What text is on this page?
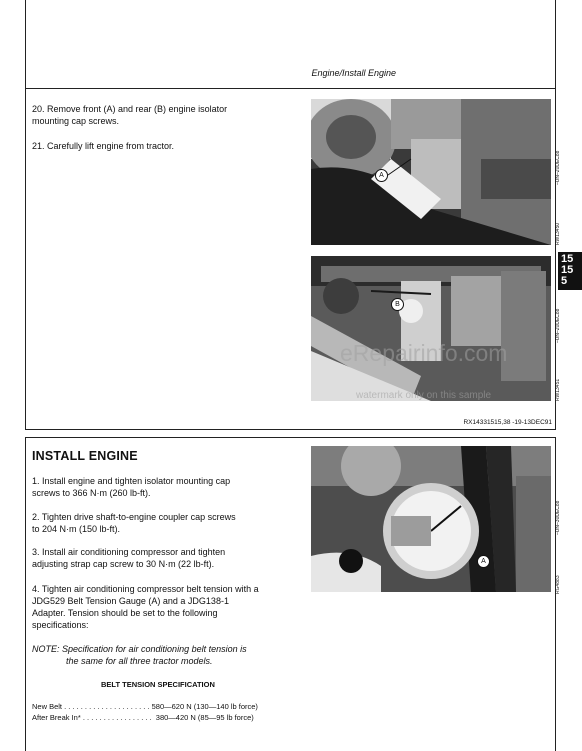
Engine/Install Engine
20. Remove front (A) and rear (B) engine isolator
mounting cap screws.
21. Carefully lift engine from tractor.
A
RW13450
–UN–20DEC88
B
RW13451
–UN–20DEC88
RX14331515,38 -19-13DEC91
15
15
5
eRepairinfo.com
watermark only on this sample
INSTALL ENGINE
1. Install engine and tighten isolator mounting cap
screws to 366 N·m (260 lb-ft).
2. Tighten drive shaft-to-engine coupler cap screws
to 204 N·m (150 lb-ft).
3. Install air conditioning compressor and tighten
adjusting strap cap screw to 30 N·m (22 lb-ft).
4. Tighten air conditioning compressor belt tension with a
JDG529 Belt Tension Gauge (A) and a JDG138-1
Adapter. Tension should be set to the following
specifications:
NOTE: Specification for air conditioning belt tension is
the same for all three tractor models.
BELT TENSION SPECIFICATION
New Belt . . . . . . . . . . . . . . . . . . . . . 580—620 N (130—140 lb force)
After Break In* . . . . . . . . . . . . . . . . .  380—420 N (85—95 lb force)
A
RG4883
–UN–30DEC88
